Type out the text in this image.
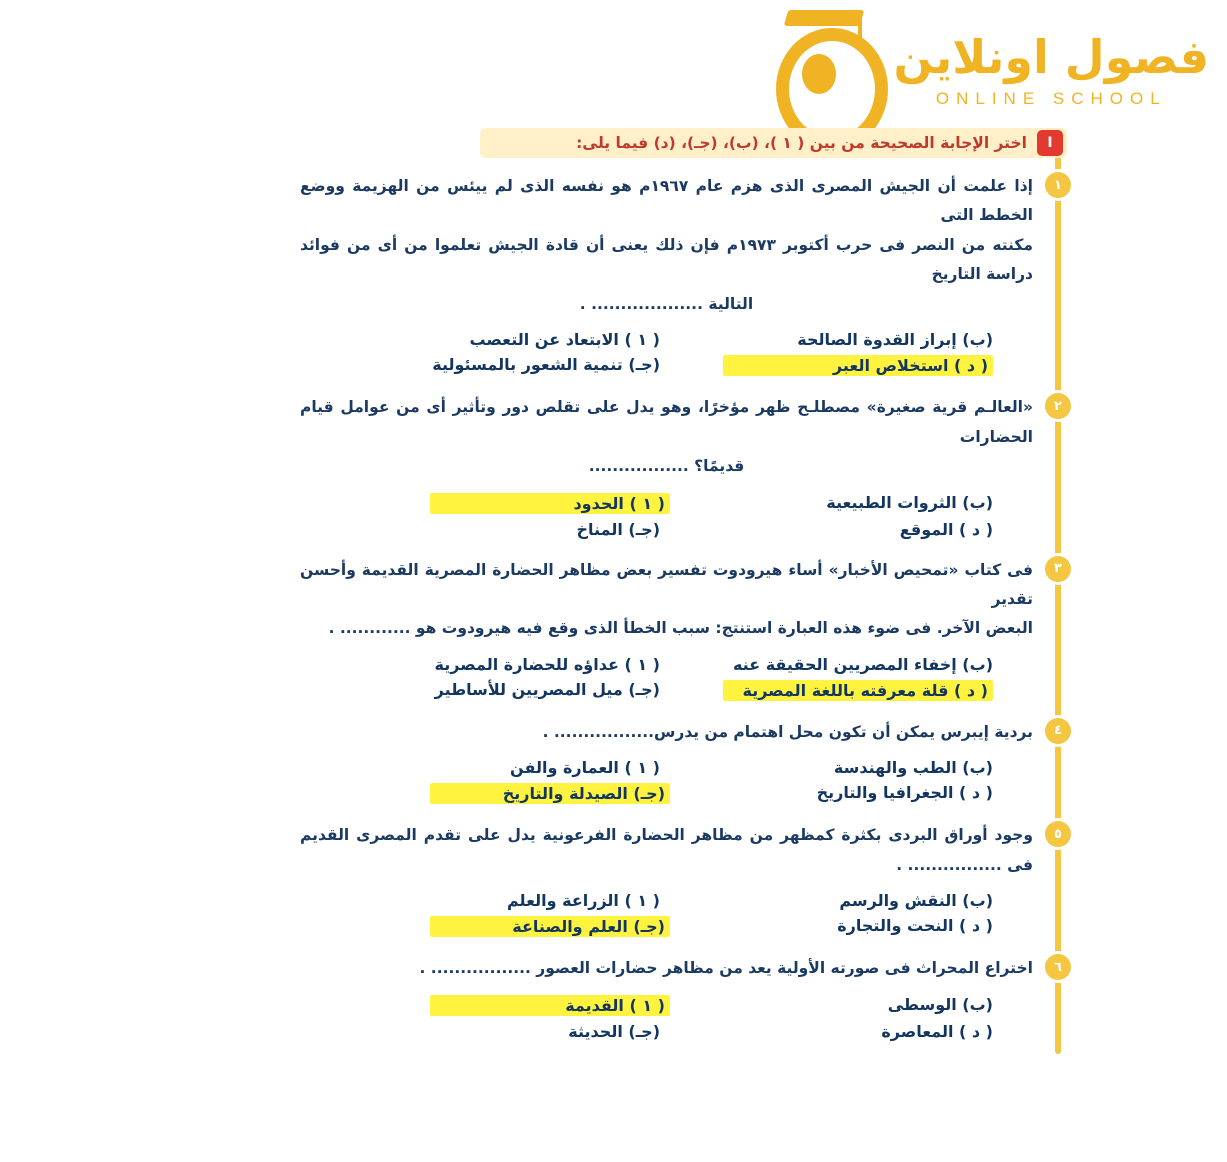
فصول اونلاين
ONLINE SCHOOL
I
اختر الإجابة الصحيحة من بين ( ١ )، (ب)، (جـ)، (د) فيما يلى:
١
إذا علمت أن الجيش المصرى الذى هزم عام ١٩٦٧م هو نفسه الذى لم ييئس من الهزيمة ووضع الخطط التى
مكنته من النصر فى حرب أكتوبر ١٩٧٣م فإن ذلك يعنى أن قادة الجيش تعلموا من أى من فوائد دراسة التاريخ
التالية ................... .
(ب) إبراز القدوة الصالحة
( ١ ) الابتعاد عن التعصب
( د ) استخلاص العبر
(جـ) تنمية الشعور بالمسئولية
٢
«العالـم قرية صغيرة» مصطلـح ظهر مؤخرًا، وهو يدل على تقلص دور وتأثير أى من عوامل قيام الحضارات
قديمًا؟ .................
(ب) الثروات الطبيعية
( ١ ) الحدود
( د ) الموقع
(جـ) المناخ
٣
فى كتاب «تمحيص الأخبار» أساء هيرودوت تفسير بعض مظاهر الحضارة المصرية القديمة وأحسن تقدير
البعض الآخر. فى ضوء هذه العبارة استنتج: سبب الخطأ الذى وقع فيه هيرودوت هو ............ .
(ب) إخفاء المصريين الحقيقة عنه
( ١ ) عداؤه للحضارة المصرية
( د ) قلة معرفته باللغة المصرية
(جـ) ميل المصريين للأساطير
٤
بردية إيبرس يمكن أن تكون محل اهتمام من يدرس................. .
(ب) الطب والهندسة
( ١ ) العمارة والفن
( د ) الجغرافيا والتاريخ
(جـ) الصيدلة والتاريخ
٥
وجود أوراق البردى بكثرة كمظهر من مظاهر الحضارة الفرعونية يدل على تقدم المصرى القديم فى ................ .
(ب) النقش والرسم
( ١ ) الزراعة والعلم
( د ) النحت والتجارة
(جـ) العلم والصناعة
٦
اختراع المحراث فى صورته الأولية يعد من مظاهر حضارات العصور ................. .
(ب) الوسطى
( ١ ) القديمة
( د ) المعاصرة
(جـ) الحديثة
